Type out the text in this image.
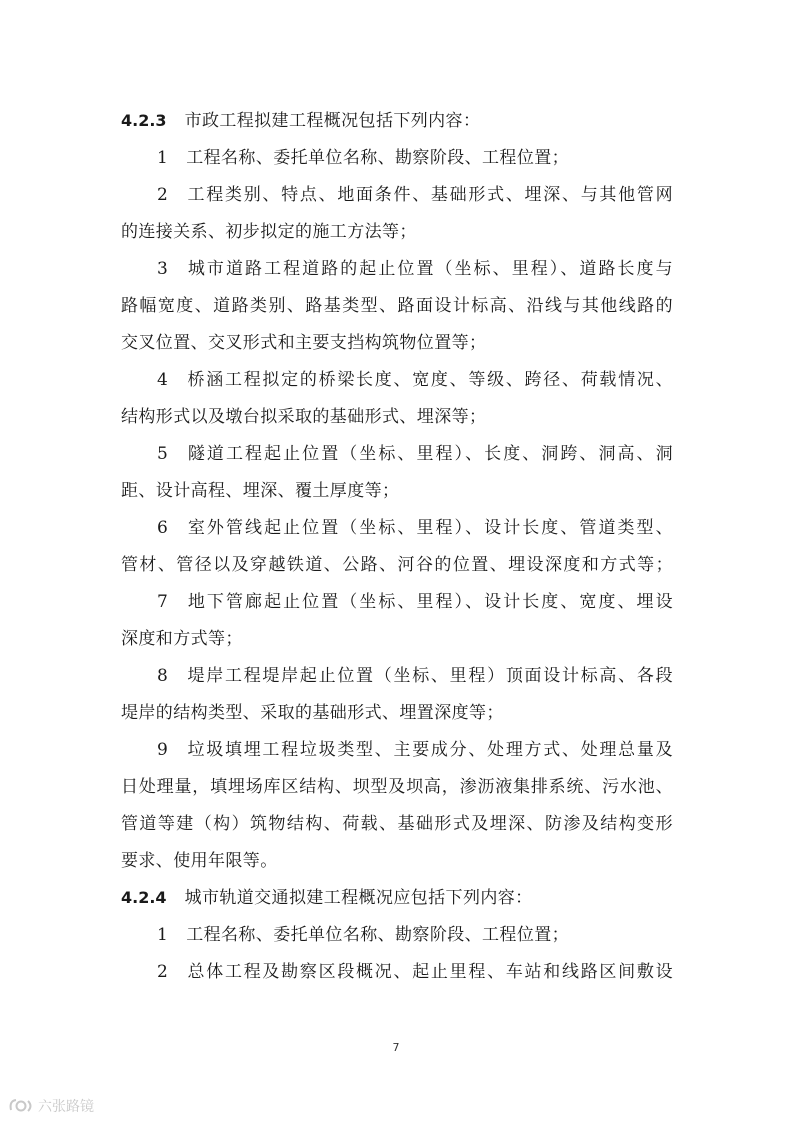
4.2.3 市政工程拟建工程概况包括下列内容：
1 工程名称、委托单位名称、勘察阶段、工程位置；
2 工程类别、特点、地面条件、基础形式、埋深、与其他管网
的连接关系、初步拟定的施工方法等；
3 城市道路工程道路的起止位置（坐标、里程）、道路长度与
路幅宽度、道路类别、路基类型、路面设计标高、沿线与其他线路的
交叉位置、交叉形式和主要支挡构筑物位置等；
4 桥涵工程拟定的桥梁长度、宽度、等级、跨径、荷载情况、
结构形式以及墩台拟采取的基础形式、埋深等；
5 隧道工程起止位置（坐标、里程）、长度、洞跨、洞高、洞
距、设计高程、埋深、覆土厚度等；
6 室外管线起止位置（坐标、里程）、设计长度、管道类型、
管材、管径以及穿越铁道、公路、河谷的位置、埋设深度和方式等；
7 地下管廊起止位置（坐标、里程）、设计长度、宽度、埋设
深度和方式等；
8 堤岸工程堤岸起止位置（坐标、里程）顶面设计标高、各段
堤岸的结构类型、采取的基础形式、埋置深度等；
9 垃圾填埋工程垃圾类型、主要成分、处理方式、处理总量及
日处理量，填埋场库区结构、坝型及坝高，渗沥液集排系统、污水池、
管道等建（构）筑物结构、荷载、基础形式及埋深、防渗及结构变形
要求、使用年限等。
4.2.4 城市轨道交通拟建工程概况应包括下列内容：
1 工程名称、委托单位名称、勘察阶段、工程位置；
2 总体工程及勘察区段概况、起止里程、车站和线路区间敷设
7
六张路镜
